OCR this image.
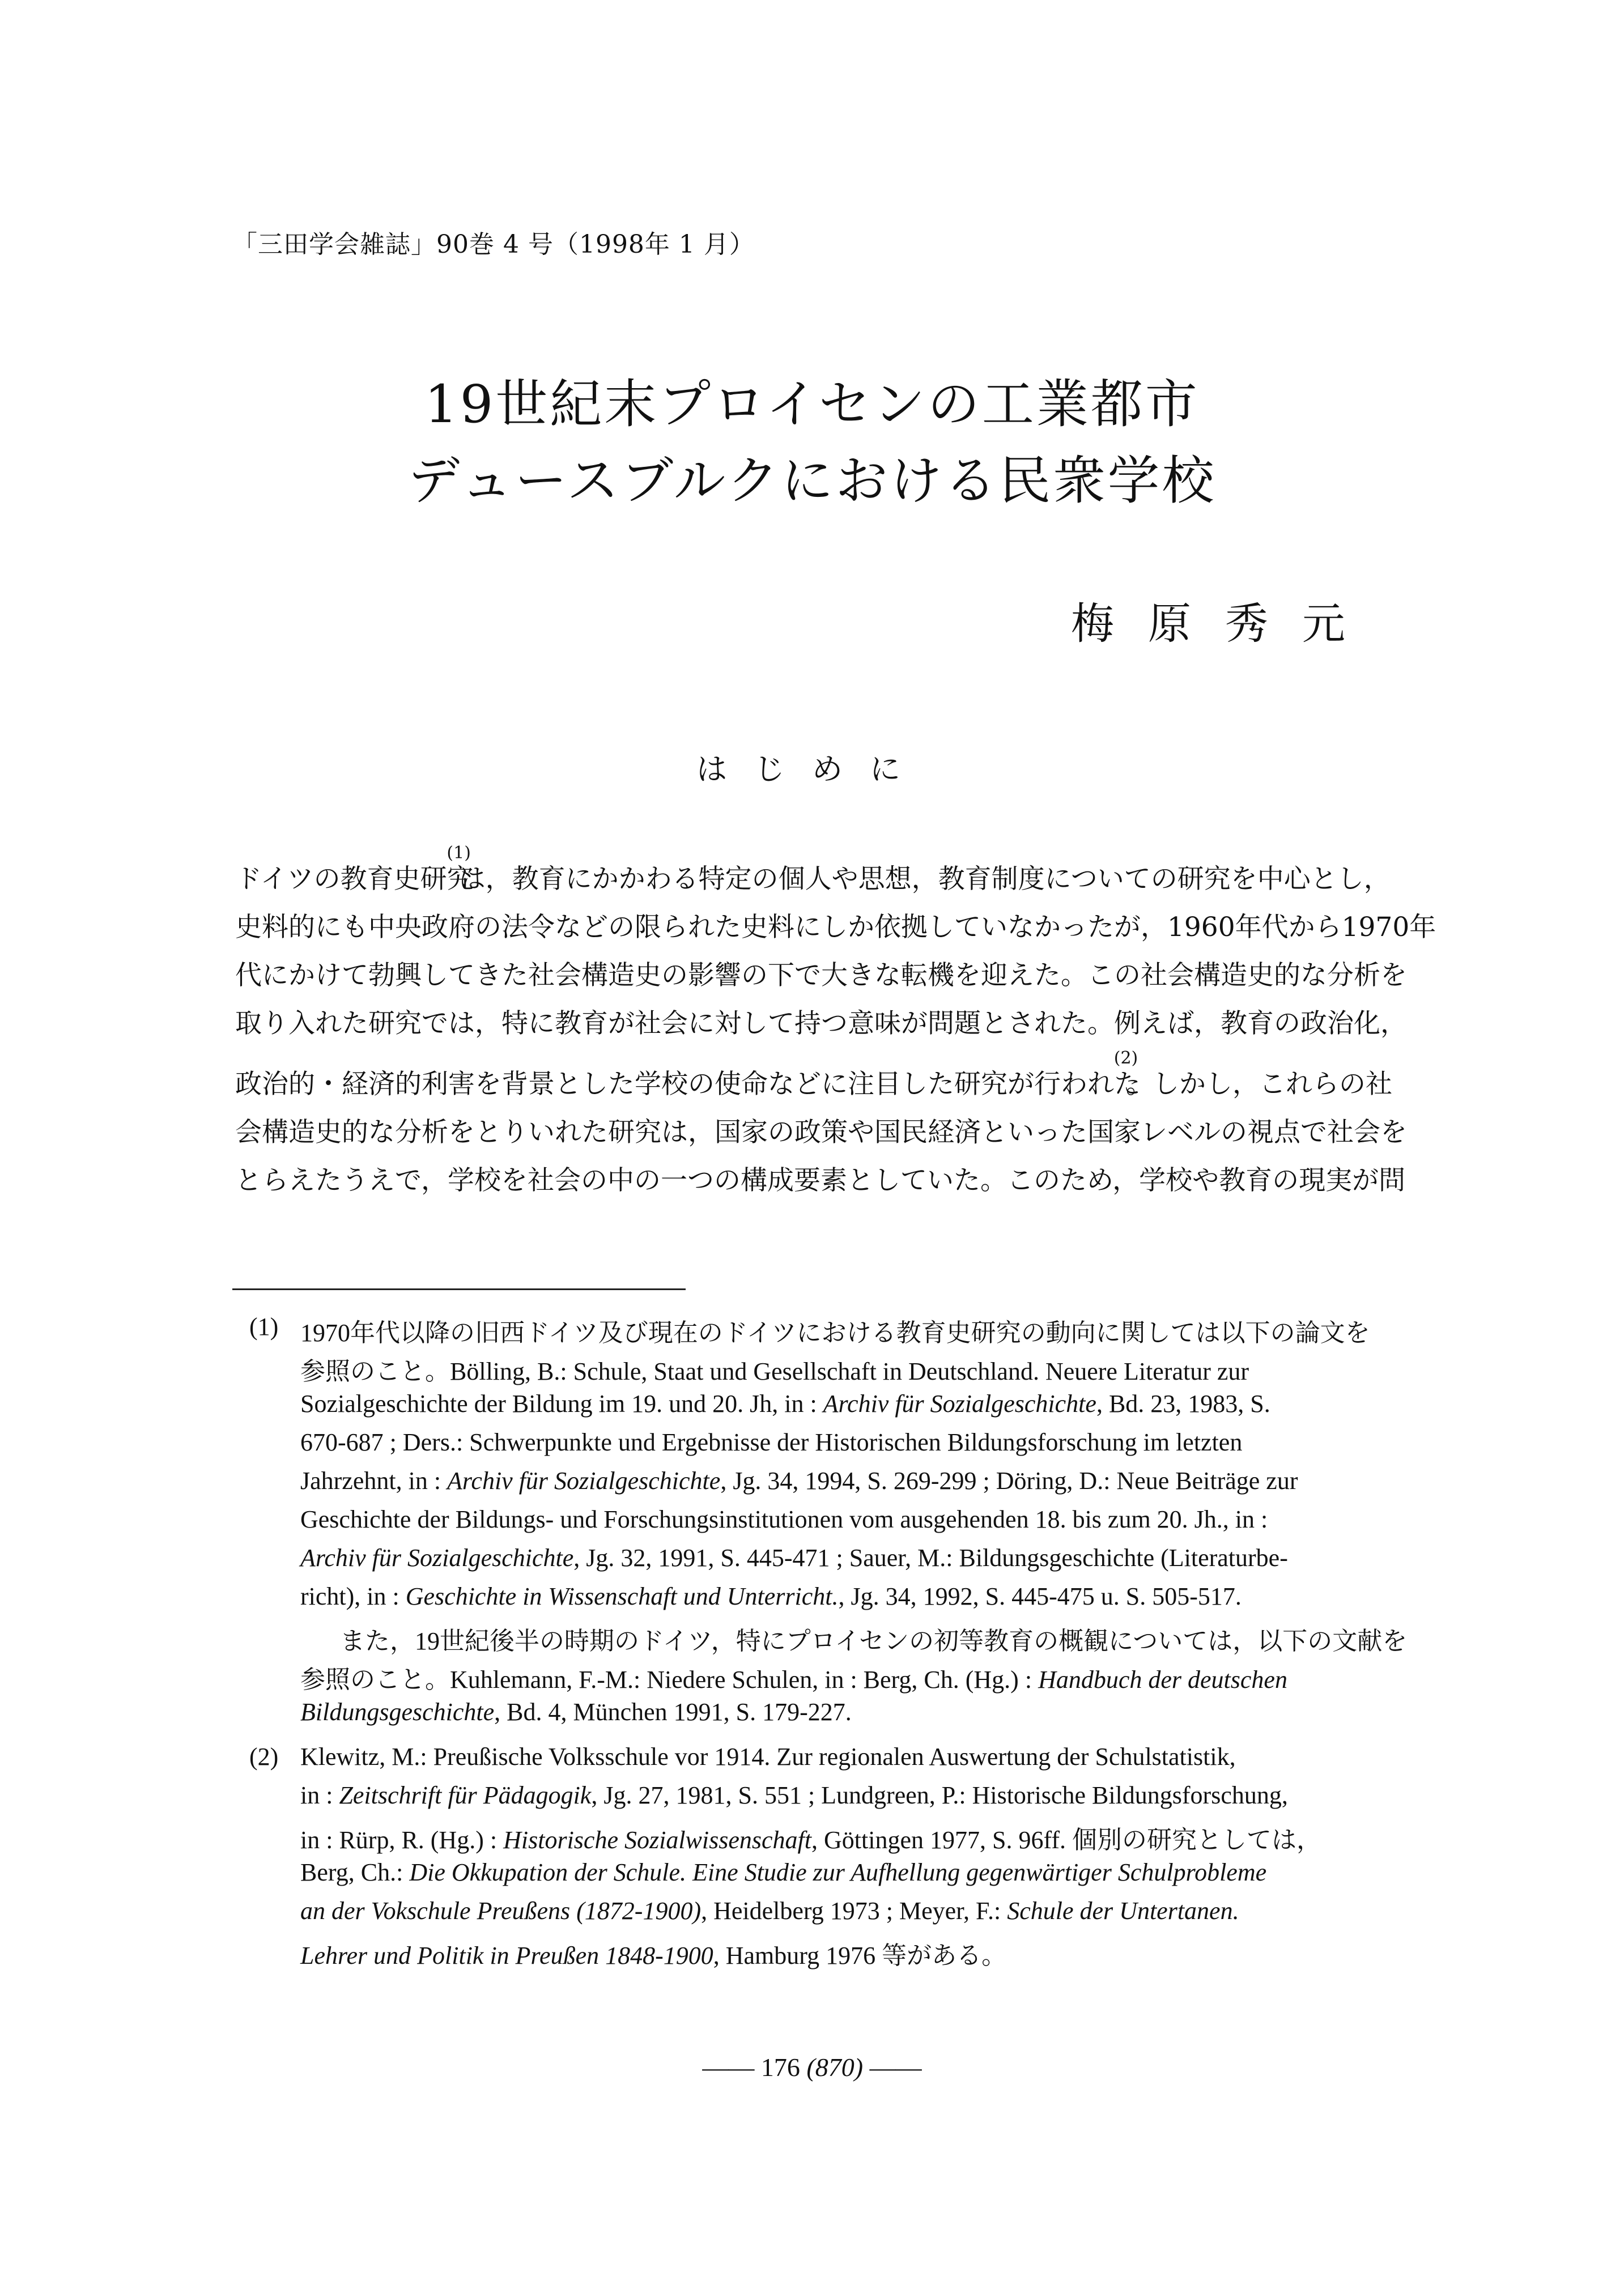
「三田学会雑誌」90巻 4 号（1998年 1 月）
19世紀末プロイセンの工業都市
デュースブルクにおける民衆学校
梅原秀元
はじめに
ドイツの教育史研究(1)は，教育にかかわる特定の個人や思想，教育制度についての研究を中心とし，
史料的にも中央政府の法令などの限られた史料にしか依拠していなかったが，1960年代から1970年
代にかけて勃興してきた社会構造史の影響の下で大きな転機を迎えた。この社会構造史的な分析を
取り入れた研究では，特に教育が社会に対して持つ意味が問題とされた。例えば，教育の政治化，
政治的・経済的利害を背景とした学校の使命などに注目した研究が行われた(2)。しかし，これらの社
会構造史的な分析をとりいれた研究は，国家の政策や国民経済といった国家レベルの視点で社会を
とらえたうえで，学校を社会の中の一つの構成要素としていた。このため，学校や教育の現実が問
(1) 1970年代以降の旧西ドイツ及び現在のドイツにおける教育史研究の動向に関しては以下の論文を
参照のこと。Bölling, B.: Schule, Staat und Gesellschaft in Deutschland. Neuere Literatur zur
Sozialgeschichte der Bildung im 19. und 20. Jh, in : Archiv für Sozialgeschichte, Bd. 23, 1983, S.
670-687 ; Ders.: Schwerpunkte und Ergebnisse der Historischen Bildungsforschung im letzten
Jahrzehnt, in : Archiv für Sozialgeschichte, Jg. 34, 1994, S. 269-299 ; Döring, D.: Neue Beiträge zur
Geschichte der Bildungs- und Forschungsinstitutionen vom ausgehenden 18. bis zum 20. Jh., in :
Archiv für Sozialgeschichte, Jg. 32, 1991, S. 445-471 ; Sauer, M.: Bildungsgeschichte (Literaturbe-
richt), in : Geschichte in Wissenschaft und Unterricht., Jg. 34, 1992, S. 445-475 u. S. 505-517.
また，19世紀後半の時期のドイツ，特にプロイセンの初等教育の概観については，以下の文献を
参照のこと。Kuhlemann, F.-M.: Niedere Schulen, in : Berg, Ch. (Hg.) : Handbuch der deutschen
Bildungsgeschichte, Bd. 4, München 1991, S. 179-227.
(2) Klewitz, M.: Preußische Volksschule vor 1914. Zur regionalen Auswertung der Schulstatistik,
in : Zeitschrift für Pädagogik, Jg. 27, 1981, S. 551 ; Lundgreen, P.: Historische Bildungsforschung,
in : Rürp, R. (Hg.) : Historische Sozialwissenschaft, Göttingen 1977, S. 96ff. 個別の研究としては，
Berg, Ch.: Die Okkupation der Schule. Eine Studie zur Aufhellung gegenwärtiger Schulprobleme
an der Vokschule Preußens (1872-1900), Heidelberg 1973 ; Meyer, F.: Schule der Untertanen.
Lehrer und Politik in Preußen 1848-1900, Hamburg 1976 等がある。
—— 176 (870) ——
